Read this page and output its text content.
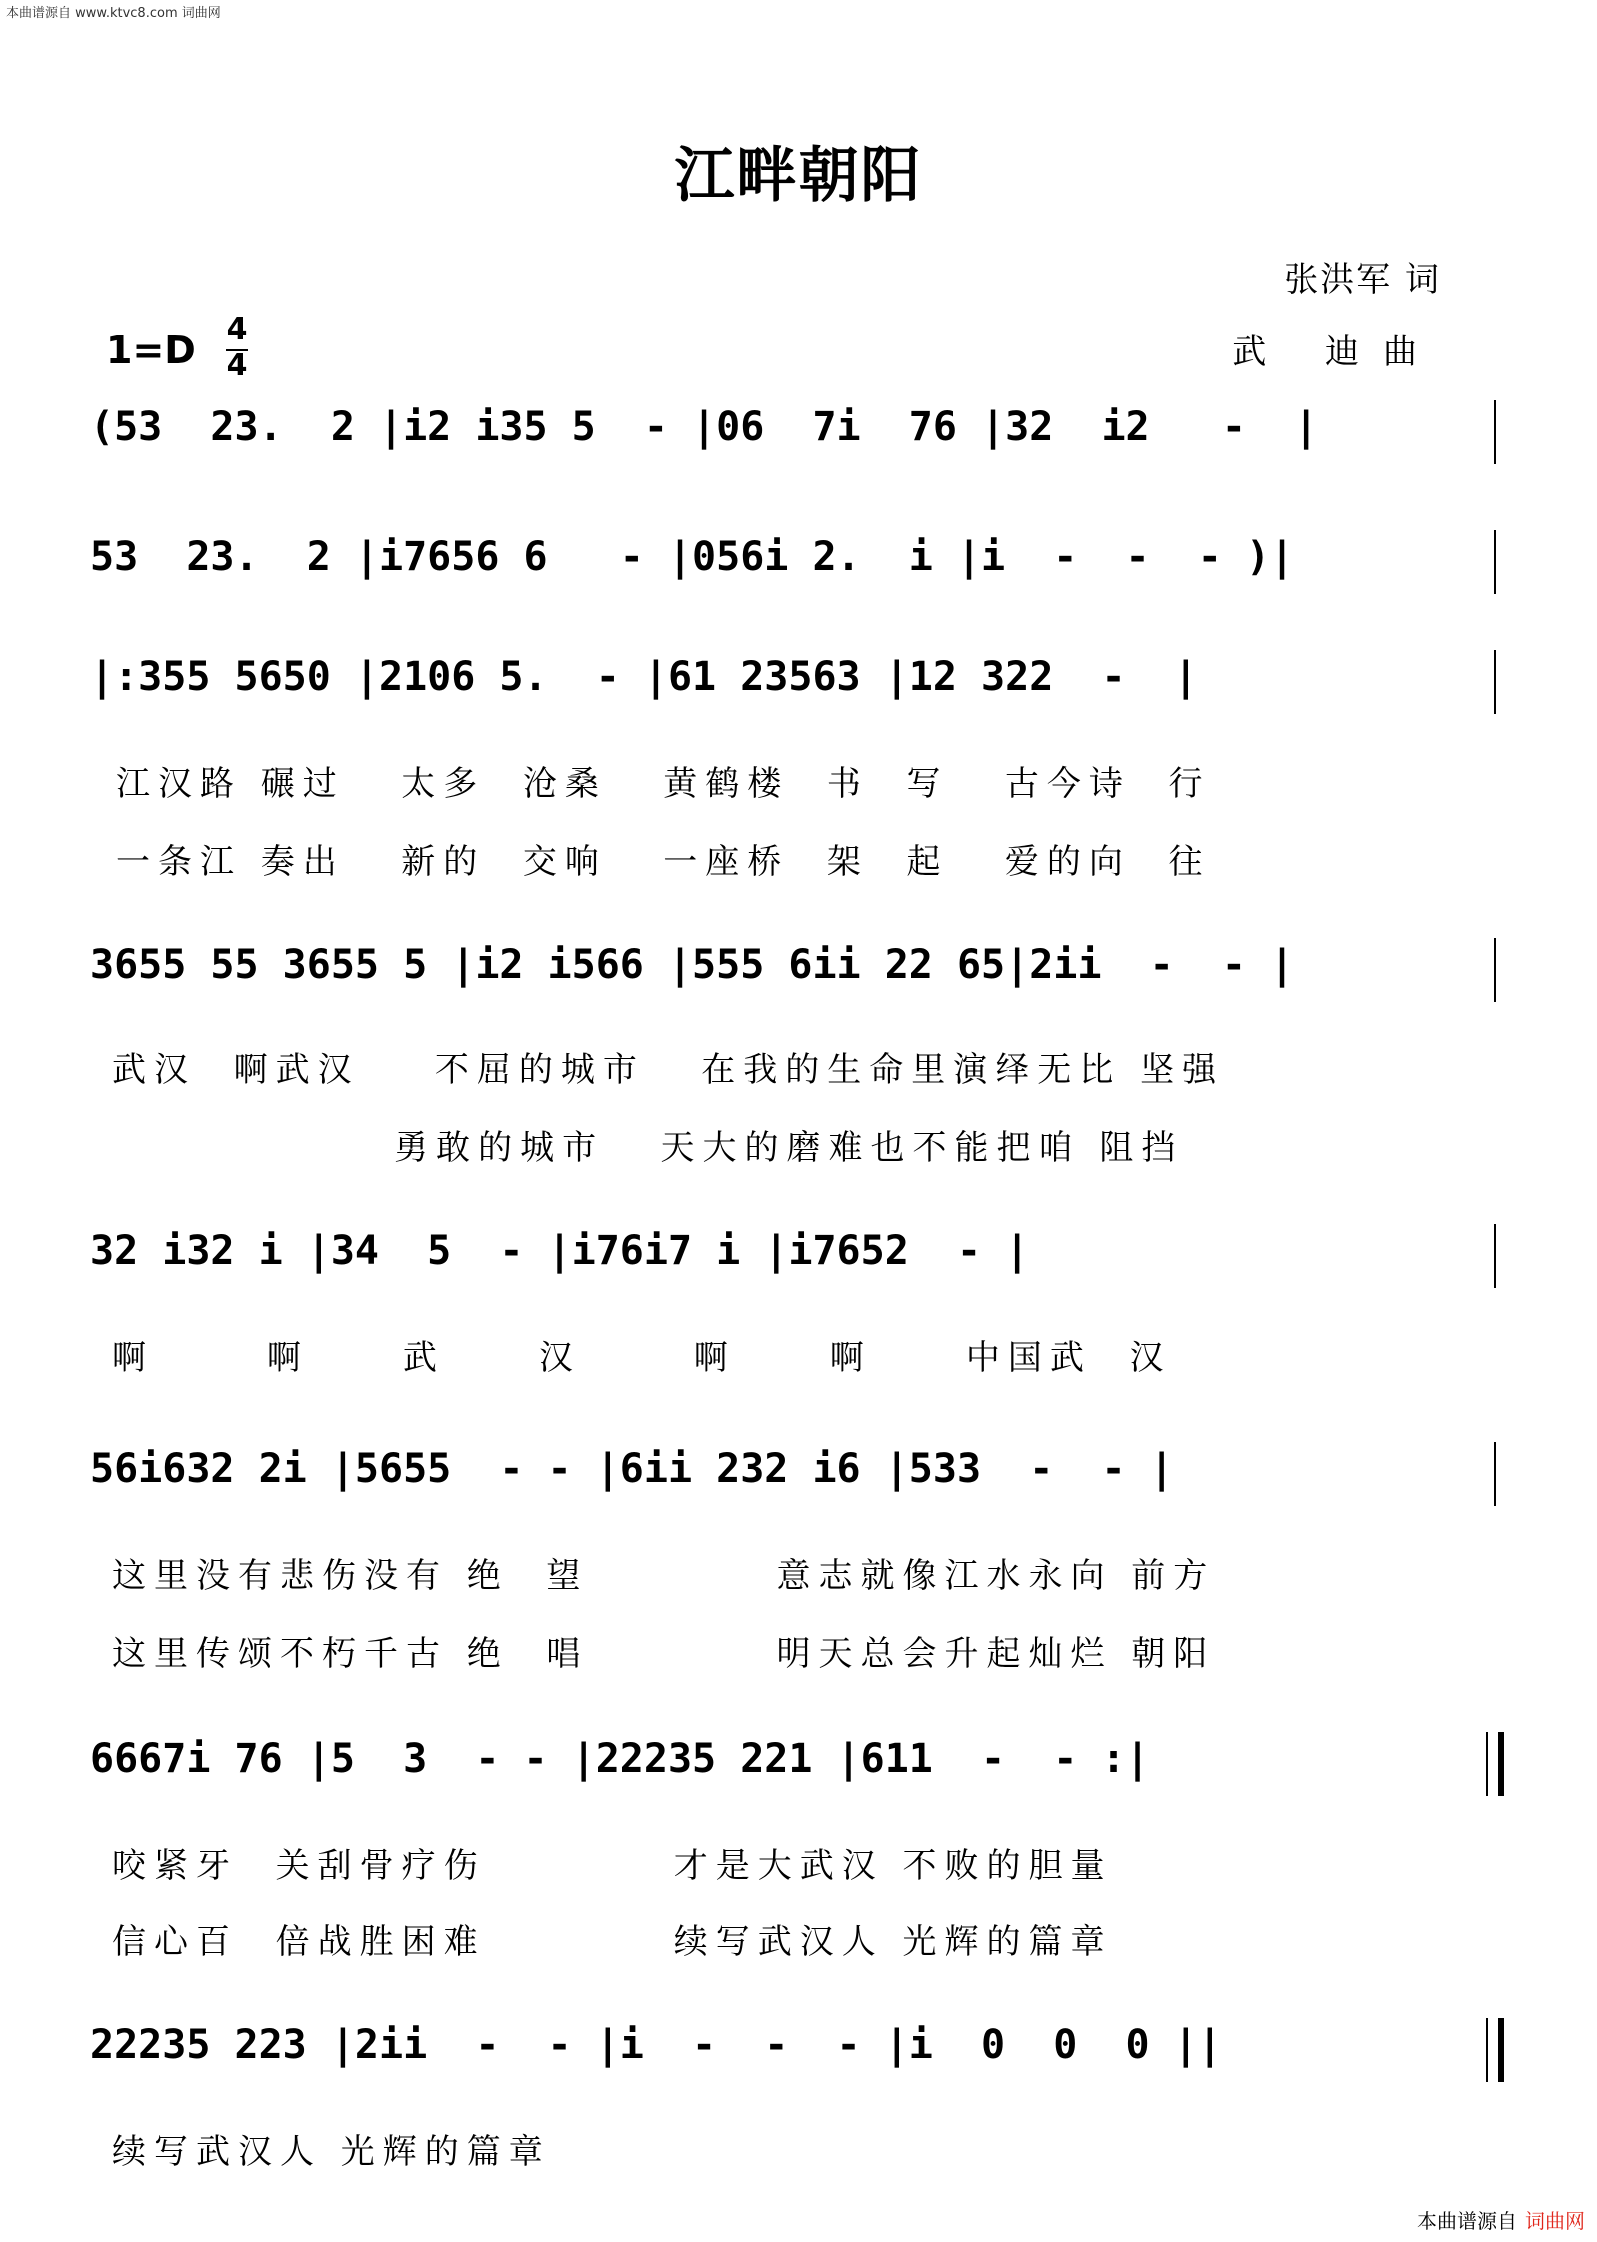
本曲谱源自 www.ktvc8.com 词曲网
江畔朝阳
张洪军 词
武 迪曲
1=D 4
4
(53  23.  2 |i2 i35 5  - |06  7i  76 |32  i2   -  |
53  23.  2 |i7656 6   - |056i 2.  i |i  -  -  - )|
|:355 5650 |2106 5.  - |61 23563 |12 322  -  |
江汉路 碾过   太多  沧桑   黄鹤楼  书  写   古今诗  行
一条江 奏出   新的  交响   一座桥  架  起   爱的向  往
3655 55 3655 5 |i2 i566 |555 6ii 22 65|2ii  -  - |
武汉  啊武汉    不屈的城市   在我的生命里演绎无比 坚强
勇敢的城市   天大的磨难也不能把咱 阻挡
32 i32 i |34  5  - |i76i7 i |i7652  - |
啊      啊     武     汉      啊     啊     中国武  汉
56i632 2i |5655  - - |6ii 232 i6 |533  -  - |
这里没有悲伤没有 绝  望          意志就像江水永向 前方
这里传颂不朽千古 绝  唱          明天总会升起灿烂 朝阳
6667i 76 |5  3  - - |22235 221 |611  -  - :|
咬紧牙  关刮骨疗伤          才是大武汉 不败的胆量
信心百  倍战胜困难          续写武汉人 光辉的篇章
22235 223 |2ii  -  - |i  -  -  - |i  0  0  0 ||
续写武汉人 光辉的篇章
本曲谱源自 词曲网
